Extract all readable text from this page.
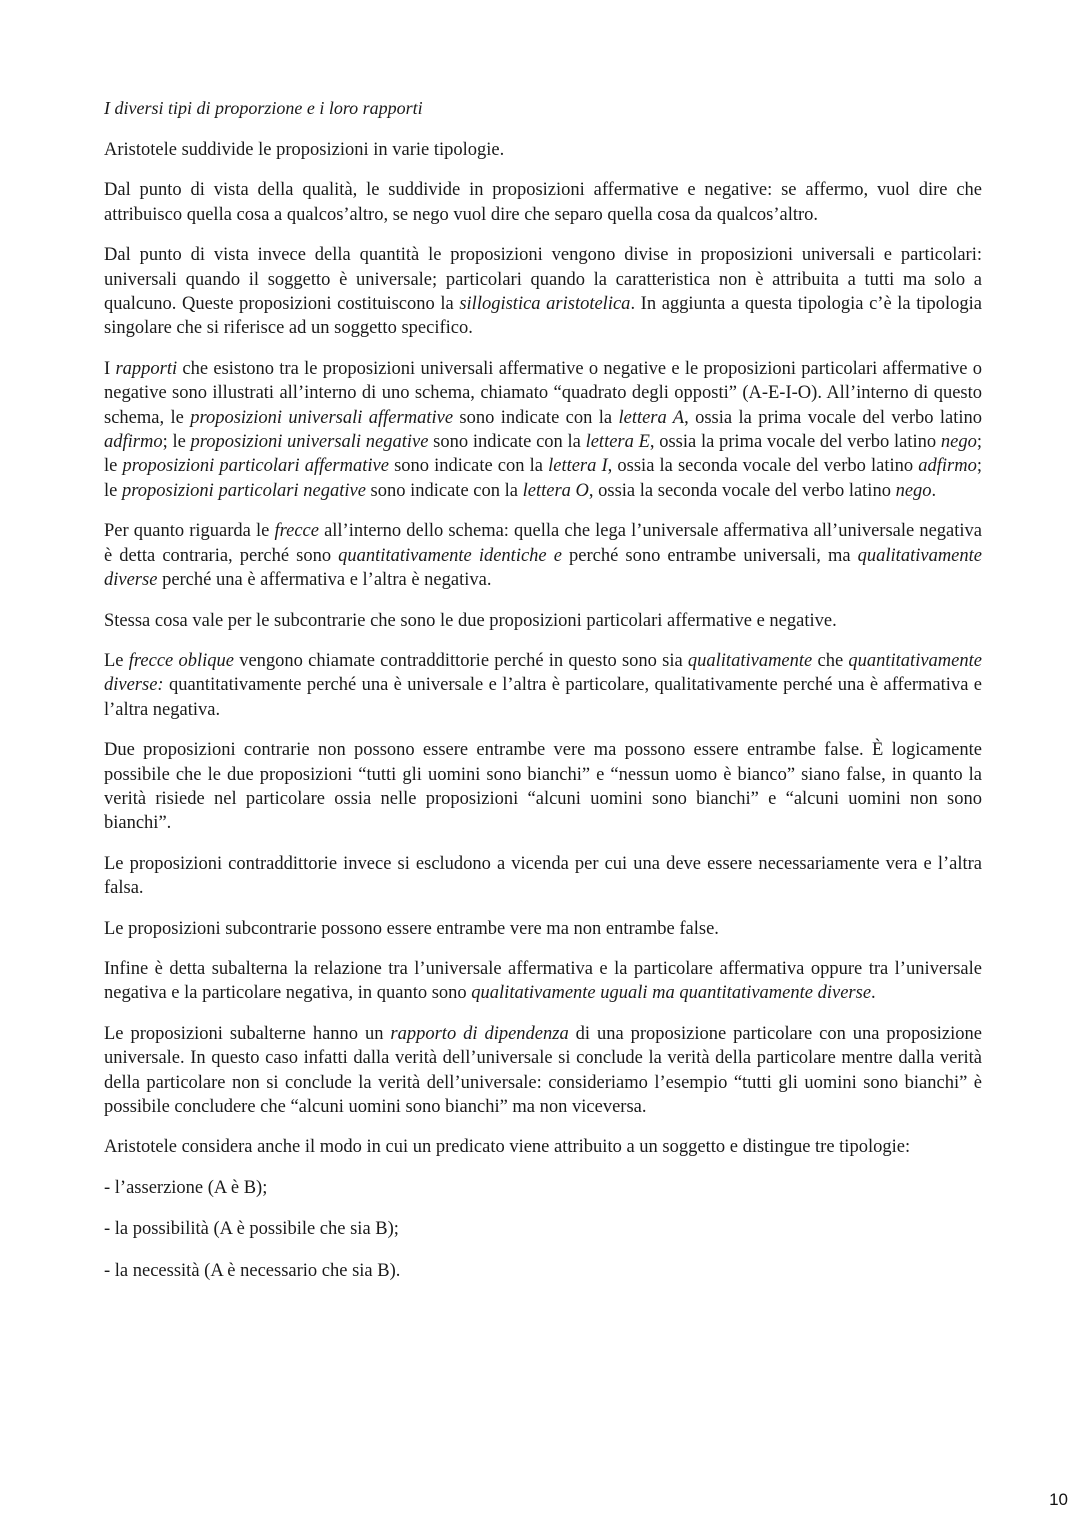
I diversi tipi di proporzione e i loro rapporti
Aristotele suddivide le proposizioni in varie tipologie.
Dal punto di vista della qualità, le suddivide in proposizioni affermative e negative: se affermo, vuol dire che attribuisco quella cosa a qualcos’altro, se nego vuol dire che separo quella cosa da qualcos’altro.
Dal punto di vista invece della quantità le proposizioni vengono divise in proposizioni universali e particolari: universali quando il soggetto è universale; particolari quando la caratteristica non è attribuita a tutti ma solo a qualcuno. Queste proposizioni costituiscono la sillogistica aristotelica. In aggiunta a questa tipologia c’è la tipologia singolare che si riferisce ad un soggetto specifico.
I rapporti che esistono tra le proposizioni universali affermative o negative e le proposizioni particolari affermative o negative sono illustrati all’interno di uno schema, chiamato “quadrato degli opposti” (A-E-I-O). All’interno di questo schema, le proposizioni universali affermative sono indicate con la lettera A, ossia la prima vocale del verbo latino adfirmo; le proposizioni universali negative sono indicate con la lettera E, ossia la prima vocale del verbo latino nego; le proposizioni particolari affermative sono indicate con la lettera I, ossia la seconda vocale del verbo latino adfirmo; le proposizioni particolari negative sono indicate con la lettera O, ossia la seconda vocale del verbo latino nego.
Per quanto riguarda le frecce all’interno dello schema: quella che lega l’universale affermativa all’universale negativa è detta contraria, perché sono quantitativamente identiche e perché sono entrambe universali, ma qualitativamente diverse perché una è affermativa e l’altra è negativa.
Stessa cosa vale per le subcontrarie che sono le due proposizioni particolari affermative e negative.
Le frecce oblique vengono chiamate contraddittorie perché in questo sono sia qualitativamente che quantitativamente diverse: quantitativamente perché una è universale e l’altra è particolare, qualitativamente perché una è affermativa e l’altra negativa.
Due proposizioni contrarie non possono essere entrambe vere ma possono essere entrambe false. È logicamente possibile che le due proposizioni “tutti gli uomini sono bianchi” e “nessun uomo è bianco” siano false, in quanto la verità risiede nel particolare ossia nelle proposizioni “alcuni uomini sono bianchi” e “alcuni uomini non sono bianchi”.
Le proposizioni contraddittorie invece si escludono a vicenda per cui una deve essere necessariamente vera e l’altra falsa.
Le proposizioni subcontrarie possono essere entrambe vere ma non entrambe false.
Infine è detta subalterna la relazione tra l’universale affermativa e la particolare affermativa oppure tra l’universale negativa e la particolare negativa, in quanto sono qualitativamente uguali ma quantitativamente diverse.
Le proposizioni subalterne hanno un rapporto di dipendenza di una proposizione particolare con una proposizione universale. In questo caso infatti dalla verità dell’universale si conclude la verità della particolare mentre dalla verità della particolare non si conclude la verità dell’universale: consideriamo l’esempio “tutti gli uomini sono bianchi” è possibile concludere che “alcuni uomini sono bianchi” ma non viceversa.
Aristotele considera anche il modo in cui un predicato viene attribuito a un soggetto e distingue tre tipologie:
- l’asserzione (A è B);
- la possibilità (A è possibile che sia B);
- la necessità (A è necessario che sia B).
10
